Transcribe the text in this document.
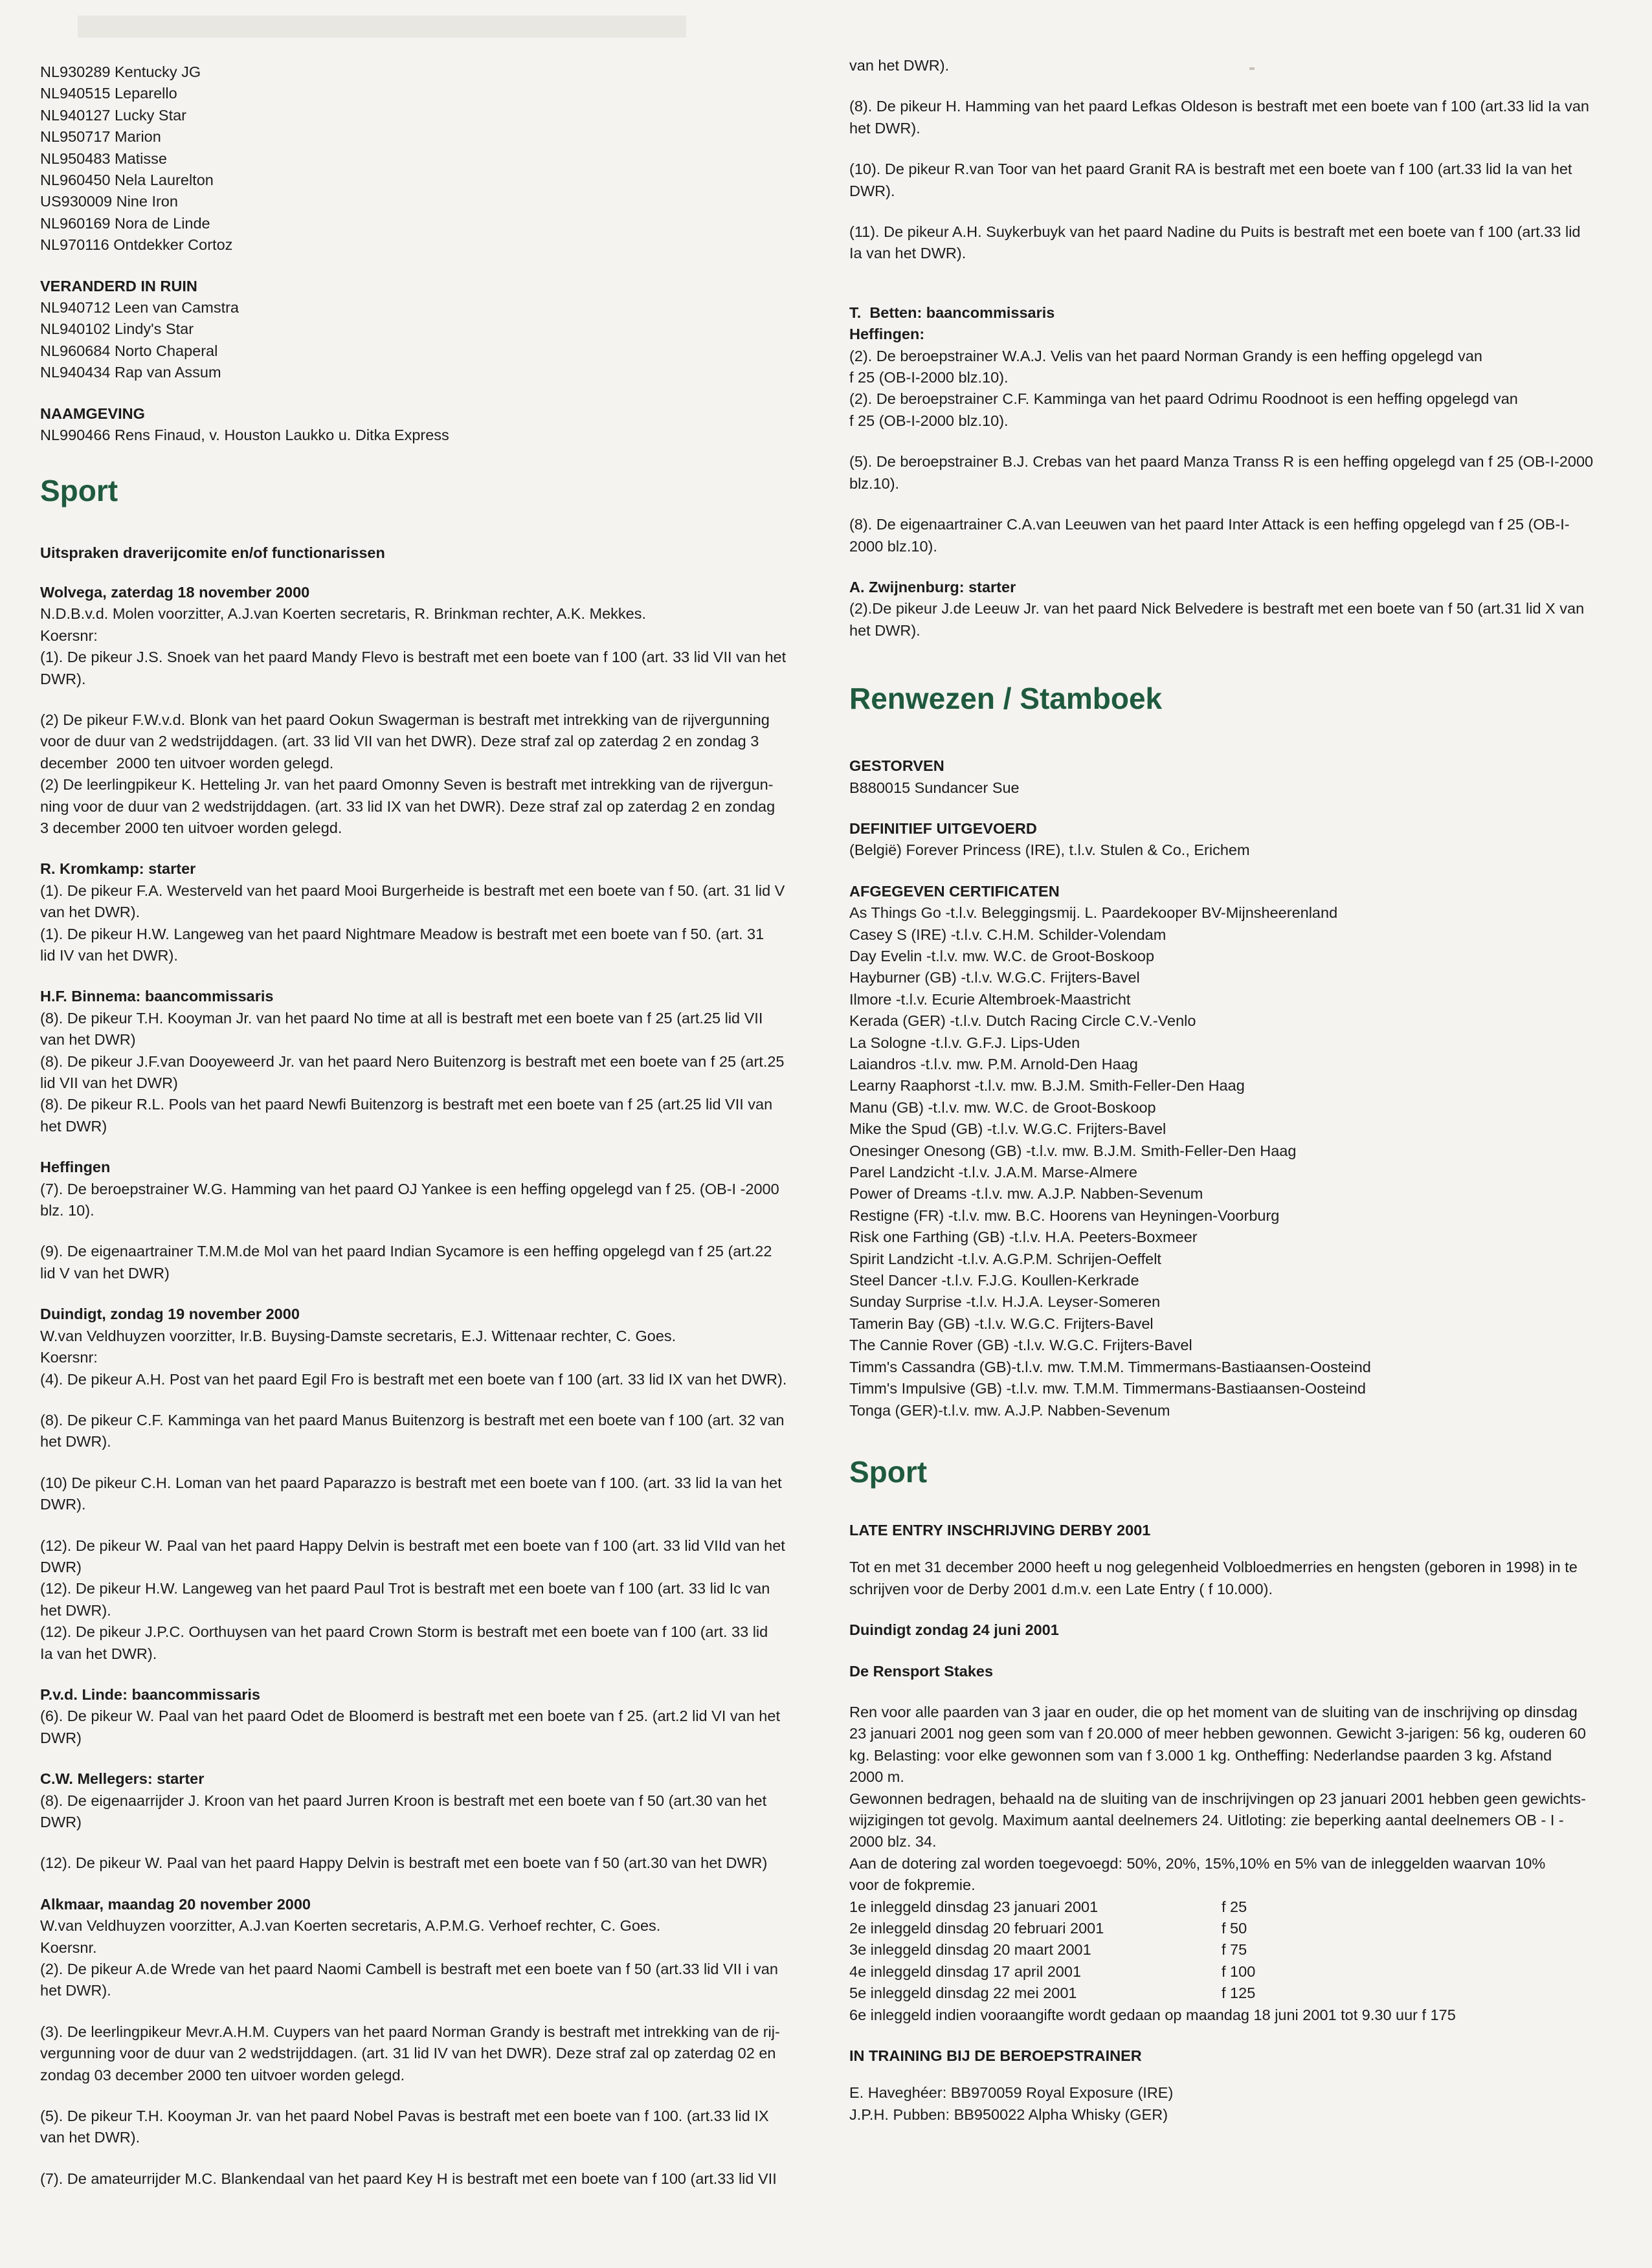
NL930289 Kentucky JG
NL940515 Leparello
NL940127 Lucky Star
NL950717 Marion
NL950483 Matisse
NL960450 Nela Laurelton
US930009 Nine Iron
NL960169 Nora de Linde
NL970116 Ontdekker Cortoz
VERANDERD IN RUIN
NL940712 Leen van Camstra
NL940102 Lindy's Star
NL960684 Norto Chaperal
NL940434 Rap van Assum
NAAMGEVING
NL990466 Rens Finaud, v. Houston Laukko u. Ditka Express
Sport
Uitspraken draverijcomite en/of functionarissen
Wolvega, zaterdag 18 november 2000
N.D.B.v.d. Molen voorzitter, A.J.van Koerten secretaris, R. Brinkman rechter, A.K. Mekkes.
Koersnr:
(1). De pikeur J.S. Snoek van het paard Mandy Flevo is bestraft met een boete van f 100 (art. 33 lid VII van het
DWR).
(2) De pikeur F.W.v.d. Blonk van het paard Ookun Swagerman is bestraft met intrekking van de rijvergunning
voor de duur van 2 wedstrijddagen. (art. 33 lid VII van het DWR). Deze straf zal op zaterdag 2 en zondag 3
december  2000 ten uitvoer worden gelegd.
(2) De leerlingpikeur K. Hetteling Jr. van het paard Omonny Seven is bestraft met intrekking van de rijvergun-
ning voor de duur van 2 wedstrijddagen. (art. 33 lid IX van het DWR). Deze straf zal op zaterdag 2 en zondag
3 december 2000 ten uitvoer worden gelegd.
R. Kromkamp: starter
(1). De pikeur F.A. Westerveld van het paard Mooi Burgerheide is bestraft met een boete van f 50. (art. 31 lid V
van het DWR).
(1). De pikeur H.W. Langeweg van het paard Nightmare Meadow is bestraft met een boete van f 50. (art. 31
lid IV van het DWR).
H.F. Binnema: baancommissaris
(8). De pikeur T.H. Kooyman Jr. van het paard No time at all is bestraft met een boete van f 25 (art.25 lid VII
van het DWR)
(8). De pikeur J.F.van Dooyeweerd Jr. van het paard Nero Buitenzorg is bestraft met een boete van f 25 (art.25
lid VII van het DWR)
(8). De pikeur R.L. Pools van het paard Newfi Buitenzorg is bestraft met een boete van f 25 (art.25 lid VII van
het DWR)
Heffingen
(7). De beroepstrainer W.G. Hamming van het paard OJ Yankee is een heffing opgelegd van f 25. (OB-I -2000
blz. 10).
(9). De eigenaartrainer T.M.M.de Mol van het paard Indian Sycamore is een heffing opgelegd van f 25 (art.22
lid V van het DWR)
Duindigt, zondag 19 november 2000
W.van Veldhuyzen voorzitter, Ir.B. Buysing-Damste secretaris, E.J. Wittenaar rechter, C. Goes.
Koersnr:
(4). De pikeur A.H. Post van het paard Egil Fro is bestraft met een boete van f 100 (art. 33 lid IX van het DWR).
(8). De pikeur C.F. Kamminga van het paard Manus Buitenzorg is bestraft met een boete van f 100 (art. 32 van
het DWR).
(10) De pikeur C.H. Loman van het paard Paparazzo is bestraft met een boete van f 100. (art. 33 lid Ia van het
DWR).
(12). De pikeur W. Paal van het paard Happy Delvin is bestraft met een boete van f 100 (art. 33 lid VIId van het
DWR)
(12). De pikeur H.W. Langeweg van het paard Paul Trot is bestraft met een boete van f 100 (art. 33 lid Ic van
het DWR).
(12). De pikeur J.P.C. Oorthuysen van het paard Crown Storm is bestraft met een boete van f 100 (art. 33 lid
Ia van het DWR).
P.v.d. Linde: baancommissaris
(6). De pikeur W. Paal van het paard Odet de Bloomerd is bestraft met een boete van f 25. (art.2 lid VI van het
DWR)
C.W. Mellegers: starter
(8). De eigenaarrijder J. Kroon van het paard Jurren Kroon is bestraft met een boete van f 50 (art.30 van het
DWR)
(12). De pikeur W. Paal van het paard Happy Delvin is bestraft met een boete van f 50 (art.30 van het DWR)
Alkmaar, maandag 20 november 2000
W.van Veldhuyzen voorzitter, A.J.van Koerten secretaris, A.P.M.G. Verhoef rechter, C. Goes.
Koersnr.
(2). De pikeur A.de Wrede van het paard Naomi Cambell is bestraft met een boete van f 50 (art.33 lid VII i van
het DWR).
(3). De leerlingpikeur Mevr.A.H.M. Cuypers van het paard Norman Grandy is bestraft met intrekking van de rij-
vergunning voor de duur van 2 wedstrijddagen. (art. 31 lid IV van het DWR). Deze straf zal op zaterdag 02 en
zondag 03 december 2000 ten uitvoer worden gelegd.
(5). De pikeur T.H. Kooyman Jr. van het paard Nobel Pavas is bestraft met een boete van f 100. (art.33 lid IX
van het DWR).
(7). De amateurrijder M.C. Blankendaal van het paard Key H is bestraft met een boete van f 100 (art.33 lid VII
van het DWR).
(8). De pikeur H. Hamming van het paard Lefkas Oldeson is bestraft met een boete van f 100 (art.33 lid Ia van
het DWR).
(10). De pikeur R.van Toor van het paard Granit RA is bestraft met een boete van f 100 (art.33 lid Ia van het
DWR).
(11). De pikeur A.H. Suykerbuyk van het paard Nadine du Puits is bestraft met een boete van f 100 (art.33 lid
Ia van het DWR).
T.  Betten: baancommissaris
Heffingen:
(2). De beroepstrainer W.A.J. Velis van het paard Norman Grandy is een heffing opgelegd van
f 25 (OB-I-2000 blz.10).
(2). De beroepstrainer C.F. Kamminga van het paard Odrimu Roodnoot is een heffing opgelegd van
f 25 (OB-I-2000 blz.10).
(5). De beroepstrainer B.J. Crebas van het paard Manza Transs R is een heffing opgelegd van f 25 (OB-I-2000
blz.10).
(8). De eigenaartrainer C.A.van Leeuwen van het paard Inter Attack is een heffing opgelegd van f 25 (OB-I-
2000 blz.10).
A. Zwijnenburg: starter
(2).De pikeur J.de Leeuw Jr. van het paard Nick Belvedere is bestraft met een boete van f 50 (art.31 lid X van
het DWR).
Renwezen / Stamboek
GESTORVEN
B880015 Sundancer Sue
DEFINITIEF UITGEVOERD
(België) Forever Princess (IRE), t.l.v. Stulen & Co., Erichem
AFGEGEVEN CERTIFICATEN
As Things Go -t.l.v. Beleggingsmij. L. Paardekooper BV-Mijnsheerenland
Casey S (IRE) -t.l.v. C.H.M. Schilder-Volendam
Day Evelin -t.l.v. mw. W.C. de Groot-Boskoop
Hayburner (GB) -t.l.v. W.G.C. Frijters-Bavel
Ilmore -t.l.v. Ecurie Altembroek-Maastricht
Kerada (GER) -t.l.v. Dutch Racing Circle C.V.-Venlo
La Sologne -t.l.v. G.F.J. Lips-Uden
Laiandros -t.l.v. mw. P.M. Arnold-Den Haag
Learny Raaphorst -t.l.v. mw. B.J.M. Smith-Feller-Den Haag
Manu (GB) -t.l.v. mw. W.C. de Groot-Boskoop
Mike the Spud (GB) -t.l.v. W.G.C. Frijters-Bavel
Onesinger Onesong (GB) -t.l.v. mw. B.J.M. Smith-Feller-Den Haag
Parel Landzicht -t.l.v. J.A.M. Marse-Almere
Power of Dreams -t.l.v. mw. A.J.P. Nabben-Sevenum
Restigne (FR) -t.l.v. mw. B.C. Hoorens van Heyningen-Voorburg
Risk one Farthing (GB) -t.l.v. H.A. Peeters-Boxmeer
Spirit Landzicht -t.l.v. A.G.P.M. Schrijen-Oeffelt
Steel Dancer -t.l.v. F.J.G. Koullen-Kerkrade
Sunday Surprise -t.l.v. H.J.A. Leyser-Someren
Tamerin Bay (GB) -t.l.v. W.G.C. Frijters-Bavel
The Cannie Rover (GB) -t.l.v. W.G.C. Frijters-Bavel
Timm's Cassandra (GB)-t.l.v. mw. T.M.M. Timmermans-Bastiaansen-Oosteind
Timm's Impulsive (GB) -t.l.v. mw. T.M.M. Timmermans-Bastiaansen-Oosteind
Tonga (GER)-t.l.v. mw. A.J.P. Nabben-Sevenum
Sport
LATE ENTRY INSCHRIJVING DERBY 2001
Tot en met 31 december 2000 heeft u nog gelegenheid Volbloedmerries en hengsten (geboren in 1998) in te
schrijven voor de Derby 2001 d.m.v. een Late Entry ( f 10.000).
Duindigt zondag 24 juni 2001
De Rensport Stakes
Ren voor alle paarden van 3 jaar en ouder, die op het moment van de sluiting van de inschrijving op dinsdag
23 januari 2001 nog geen som van f 20.000 of meer hebben gewonnen. Gewicht 3-jarigen: 56 kg, ouderen 60
kg. Belasting: voor elke gewonnen som van f 3.000 1 kg. Ontheffing: Nederlandse paarden 3 kg. Afstand
2000 m.
Gewonnen bedragen, behaald na de sluiting van de inschrijvingen op 23 januari 2001 hebben geen gewichts-
wijzigingen tot gevolg. Maximum aantal deelnemers 24. Uitloting: zie beperking aantal deelnemers OB - I -
2000 blz. 34.
Aan de dotering zal worden toegevoegd: 50%, 20%, 15%,10% en 5% van de inleggelden waarvan 10%
voor de fokpremie.
1e inleggeld dinsdag 23 januari 2001	f 25
2e inleggeld dinsdag 20 februari 2001	f 50
3e inleggeld dinsdag 20 maart 2001	f 75
4e inleggeld dinsdag 17 april 2001	f 100
5e inleggeld dinsdag 22 mei 2001	f 125
6e inleggeld indien vooraangifte wordt gedaan op maandag 18 juni 2001 tot 9.30 uur f 175
IN TRAINING BIJ DE BEROEPSTRAINER
E. Haveghéer: BB970059 Royal Exposure (IRE)
J.P.H. Pubben: BB950022 Alpha Whisky (GER)
